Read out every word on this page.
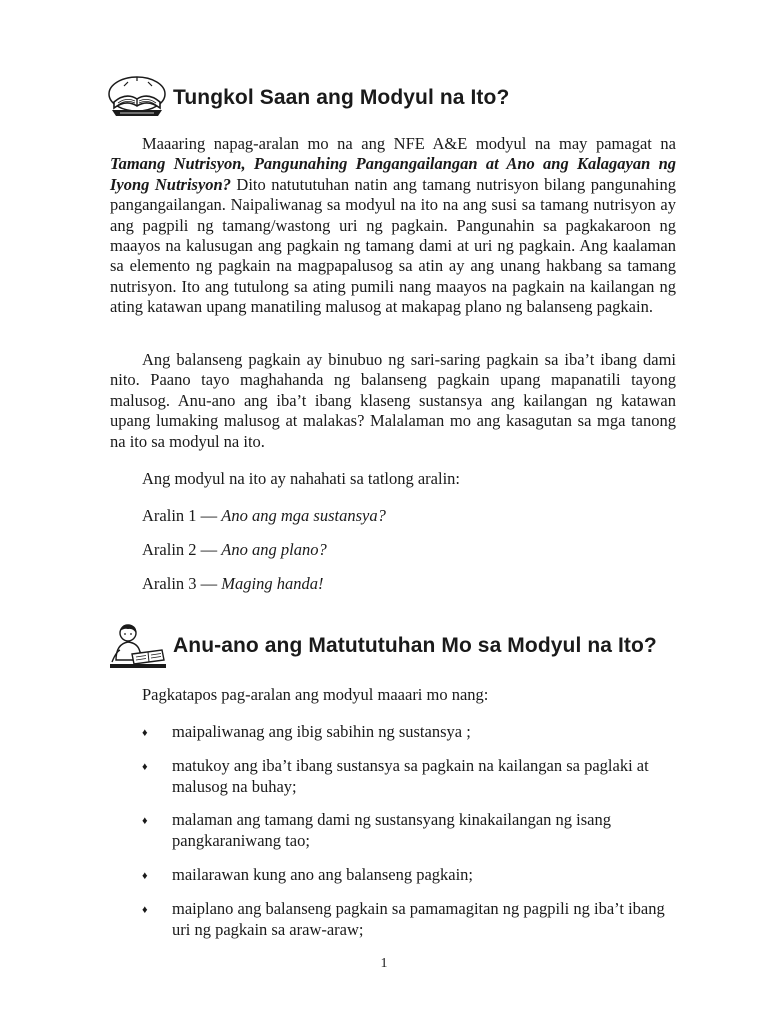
Tungkol Saan ang Modyul na Ito?

Maaaring napag-aralan mo na ang NFE A&E modyul na may pamagat na Tamang Nutrisyon, Pangunahing Pangangailangan at Ano ang Kalagayan ng Iyong Nutrisyon? Dito natututuhan natin ang tamang nutrisyon bilang pangunahing pangangailangan. Naipaliwanag sa modyul na ito na ang susi sa tamang nutrisyon ay ang pagpili ng tamang/wastong uri ng pagkain. Pangunahin sa pagkakaroon ng maayos na kalusugan ang pagkain ng tamang dami at uri ng pagkain. Ang kaalaman sa elemento ng pagkain na magpapalusog sa atin ay ang unang hakbang sa tamang nutrisyon. Ito ang tutulong sa ating pumili nang maayos na pagkain na kailangan ng ating katawan upang manatiling malusog at makapag plano ng balanseng pagkain.

Ang balanseng pagkain ay binubuo ng sari-saring pagkain sa iba’t ibang dami nito. Paano tayo maghahanda ng balanseng pagkain upang mapanatili tayong malusog. Anu-ano ang iba’t ibang klaseng sustansya ang kailangan ng katawan upang lumaking malusog at malakas? Malalaman mo ang kasagutan sa mga tanong na ito sa modyul na ito.

Ang modyul na ito ay nahahati sa tatlong aralin:

Aralin 1 — Ano ang mga sustansya?

Aralin 2 — Ano ang plano?

Aralin 3 — Maging handa!

Anu-ano ang Matututuhan Mo sa Modyul na Ito?

Pagkatapos pag-aralan ang modyul maaari mo nang:

♦ maipaliwanag ang ibig sabihin ng sustansya ;
♦ matukoy ang iba’t ibang sustansya sa pagkain na kailangan sa paglaki at malusog na buhay;
♦ malaman ang tamang dami ng sustansyang kinakailangan ng isang pangkaraniwang tao;
♦ mailarawan kung ano ang balanseng pagkain;
♦ maiplano ang balanseng pagkain sa pamamagitan ng pagpili ng iba’t ibang uri ng pagkain sa araw-araw;
1
